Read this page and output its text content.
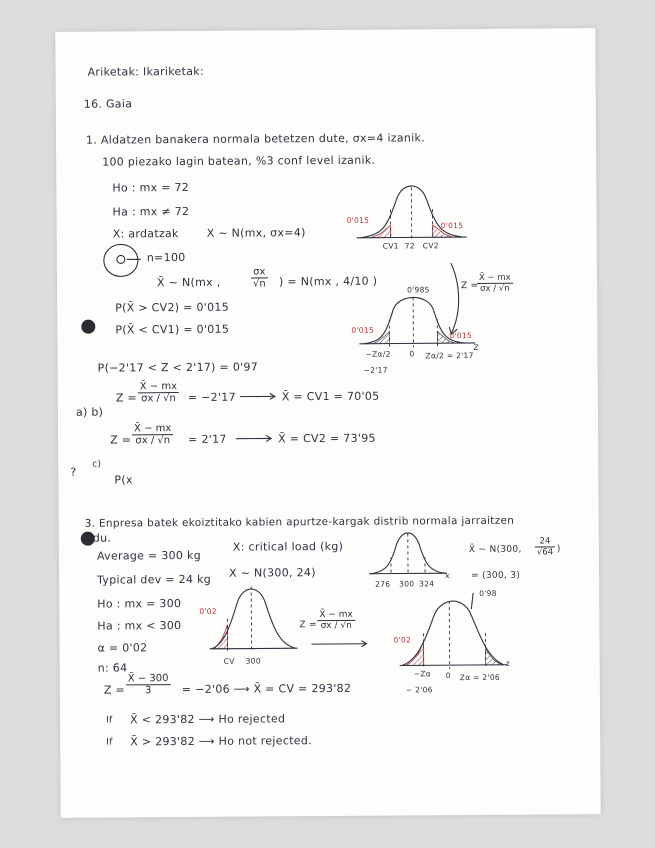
Ariketak: Ikariketak:
16. Gaia
1. Aldatzen banakera normala betetzen dute, σx=4 izanik.
100 piezako lagin batean, %3 conf level izanik.
Ho : mx = 72
Ha : mx ≠ 72
X: ardatzak	X ~ N(mx, σx=4)
n=100
X̄ ~ N(mx ,	$\frac{\sigma x}{√n}$ ) = N(mx , 4/10 )
P(X̄ > CV2) = 0'015
P(X̄ < CV1) = 0'015
P(−2'17 < Z < 2'17) = 0'97
$Z = \frac{X̄ - mx}{\sigma x / √n} = -2'17$	X̄ = CV1 = 70'05
a) b)
$Z = \frac{X̄ - mx}{\sigma x / √n} = 2'17$	X̄ = CV2 = 73'95
?
c)
P(x
0'015
0'015
CV1 72 CV2
Z =
$\frac{X̄ - mx}{\sigma x / √n}$
0'985
0'015
0'015
−Zα/2	0 Zα/2 = 2'17
Z
−2'17
3. Enpresa batek ekoiztitako kabien apurtze-kargak distrib normala jarraitzen
du.
Average = 300 kg
X: critical load (kg)
Typical dev = 24 kg X ~ N(300, 24)
X̄ ~ N(300, $\frac{24}{√64}$ )
= (300, 3)
276 300 324
x
Ho : mx = 300
Ha : mx < 300
α = 0'02
n: 64
0'02
CV 300
$Z = \frac{X̄ - mx}{\sigma x / √n}$
0'98
0'02
−Zα 0 Zα = 2'06
z
− 2'06
$Z = \frac{X̄ - 300}{3} = -2'06$ ⟶ X̄ = CV = 293'82
If X̄ < 293'82 ⟶ Ho rejected
If X̄ > 293'82 ⟶ Ho not rejected.
